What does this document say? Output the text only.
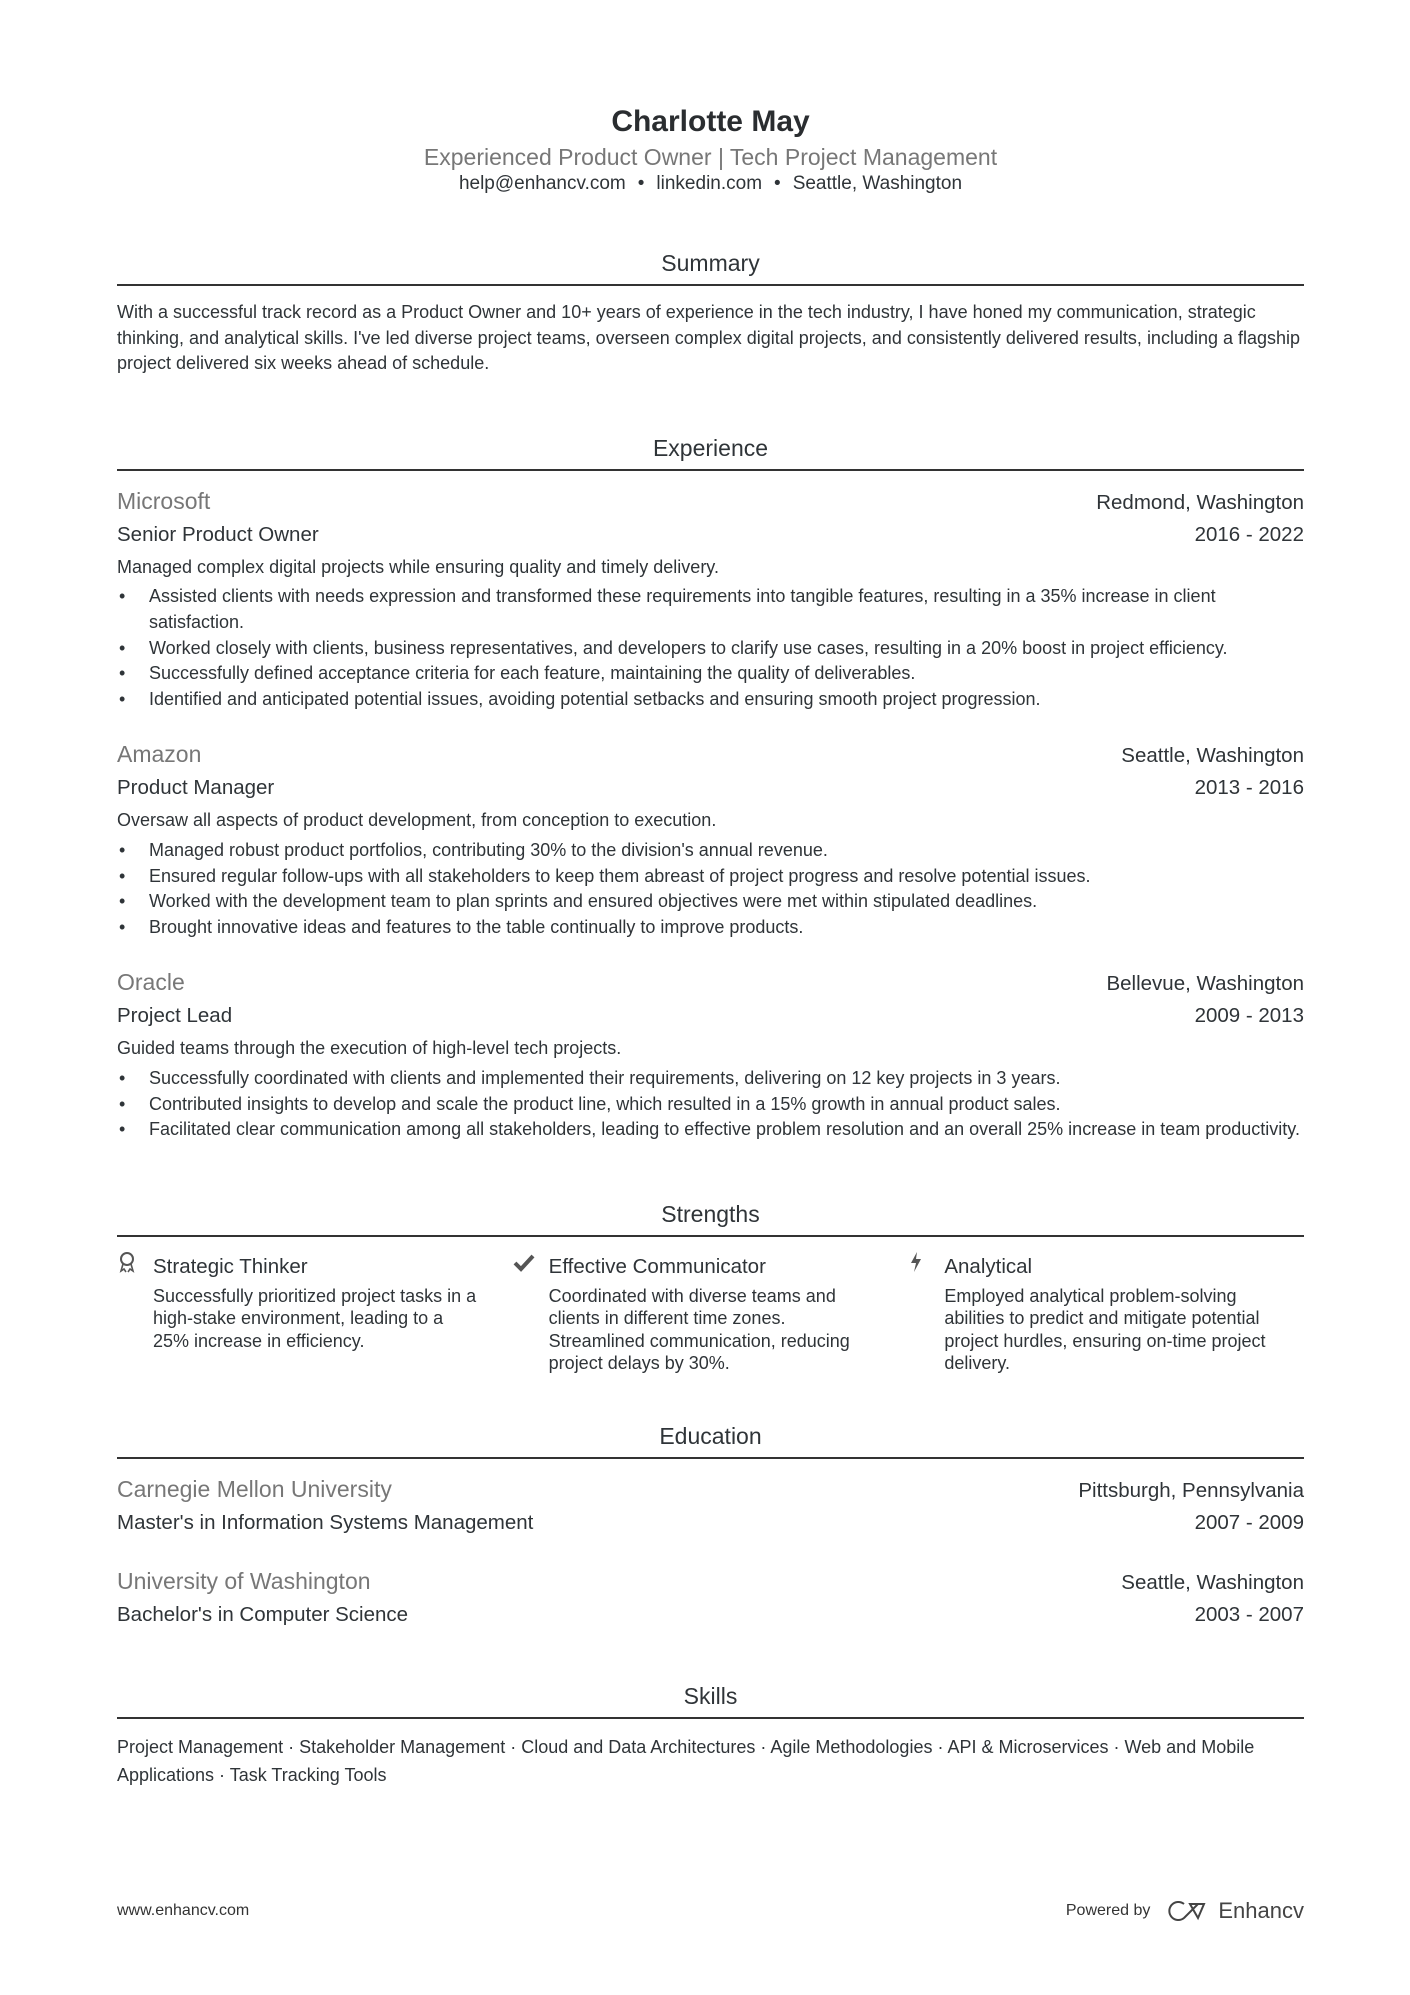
Charlotte May
Experienced Product Owner | Tech Project Management
help@enhancv.com • linkedin.com • Seattle, Washington
Summary
With a successful track record as a Product Owner and 10+ years of experience in the tech industry, I have honed my communication, strategic thinking, and analytical skills. I've led diverse project teams, overseen complex digital projects, and consistently delivered results, including a flagship project delivered six weeks ahead of schedule.
Experience
Microsoft	Redmond, Washington
Senior Product Owner	2016 - 2022
Managed complex digital projects while ensuring quality and timely delivery.
• Assisted clients with needs expression and transformed these requirements into tangible features, resulting in a 35% increase in client satisfaction.
• Worked closely with clients, business representatives, and developers to clarify use cases, resulting in a 20% boost in project efficiency.
• Successfully defined acceptance criteria for each feature, maintaining the quality of deliverables.
• Identified and anticipated potential issues, avoiding potential setbacks and ensuring smooth project progression.
Amazon	Seattle, Washington
Product Manager	2013 - 2016
Oversaw all aspects of product development, from conception to execution.
• Managed robust product portfolios, contributing 30% to the division's annual revenue.
• Ensured regular follow-ups with all stakeholders to keep them abreast of project progress and resolve potential issues.
• Worked with the development team to plan sprints and ensured objectives were met within stipulated deadlines.
• Brought innovative ideas and features to the table continually to improve products.
Oracle	Bellevue, Washington
Project Lead	2009 - 2013
Guided teams through the execution of high-level tech projects.
• Successfully coordinated with clients and implemented their requirements, delivering on 12 key projects in 3 years.
• Contributed insights to develop and scale the product line, which resulted in a 15% growth in annual product sales.
• Facilitated clear communication among all stakeholders, leading to effective problem resolution and an overall 25% increase in team productivity.
Strengths
Strategic Thinker
Successfully prioritized project tasks in a high-stake environment, leading to a 25% increase in efficiency.
Effective Communicator
Coordinated with diverse teams and clients in different time zones. Streamlined communication, reducing project delays by 30%.
Analytical
Employed analytical problem-solving abilities to predict and mitigate potential project hurdles, ensuring on-time project delivery.
Education
Carnegie Mellon University	Pittsburgh, Pennsylvania
Master's in Information Systems Management	2007 - 2009
University of Washington	Seattle, Washington
Bachelor's in Computer Science	2003 - 2007
Skills
Project Management · Stakeholder Management · Cloud and Data Architectures · Agile Methodologies · API & Microservices · Web and Mobile Applications · Task Tracking Tools
www.enhancv.com	Powered by	Enhancv
